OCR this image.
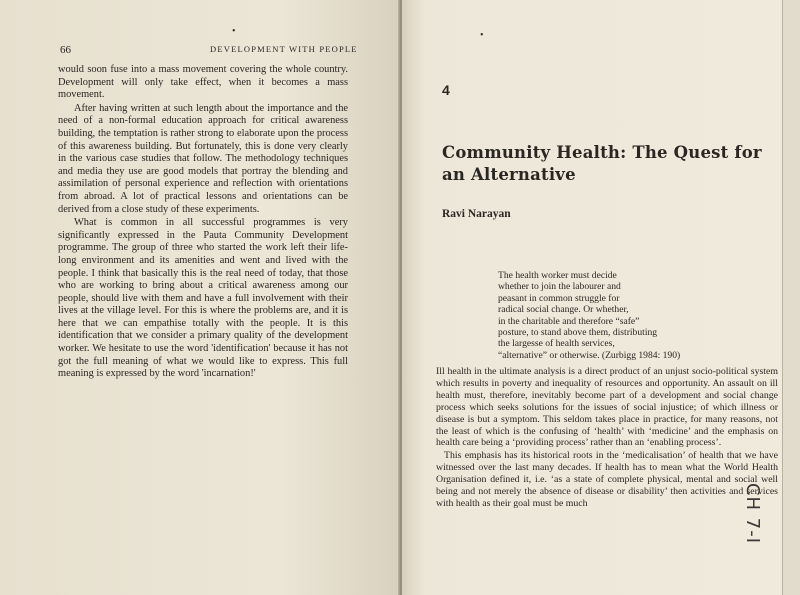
•
66	DEVELOPMENT WITH PEOPLE

would soon fuse into a mass movement covering the whole country. Development will only take effect, when it becomes a mass movement.

After having written at such length about the importance and the need of a non-formal education approach for critical awareness building, the temptation is rather strong to elaborate upon the process of this awareness building. But fortunately, this is done very clearly in the various case studies that follow. The methodology techniques and media they use are good models that portray the blending and assimilation of personal experience and reflection with orientations from abroad. A lot of practical lessons and orientations can be derived from a close study of these experiments.

What is common in all successful programmes is very significantly expressed in the Pauta Community Development programme. The group of three who started the work left their life-long environment and its amenities and went and lived with the people. I think that basically this is the real need of today, that those who are working to bring about a critical awareness among our people, should live with them and have a full involvement with their lives at the village level. For this is where the problems are, and it is here that we can empathise totally with the people. It is this identification that we consider a primary quality of the development worker. We hesitate to use the word 'identification' because it has not got the full meaning of what we would like to express. This full meaning is expressed by the word 'incarnation!'

•
4
Community Health: The Quest for an Alternative
Ravi Narayan
The health worker must decide
whether to join the labourer and
peasant in common struggle for
radical social change. Or whether,
in the charitable and therefore “safe”
posture, to stand above them, distributing
the largesse of health services,
“alternative” or otherwise. (Zurbigg 1984: 190)

Ill health in the ultimate analysis is a direct product of an unjust socio-political system which results in poverty and inequality of resources and opportunity. An assault on ill health must, therefore, inevitably become part of a development and social change process which seeks solutions for the issues of social injustice; of which illness or disease is but a symptom. This seldom takes place in practice, for many reasons, not the least of which is the confusing of ‘health’ with ‘medicine’ and the emphasis on health care being a ‘providing process’ rather than an ‘enabling process’.

This emphasis has its historical roots in the ‘medicalisation’ of health that we have witnessed over the last many decades. If health has to mean what the World Health Organisation defined it, i.e. ‘as a state of complete physical, mental and social well being and not merely the absence of disease or disability’ then activities and services with health as their goal must be much	CH 7-I
